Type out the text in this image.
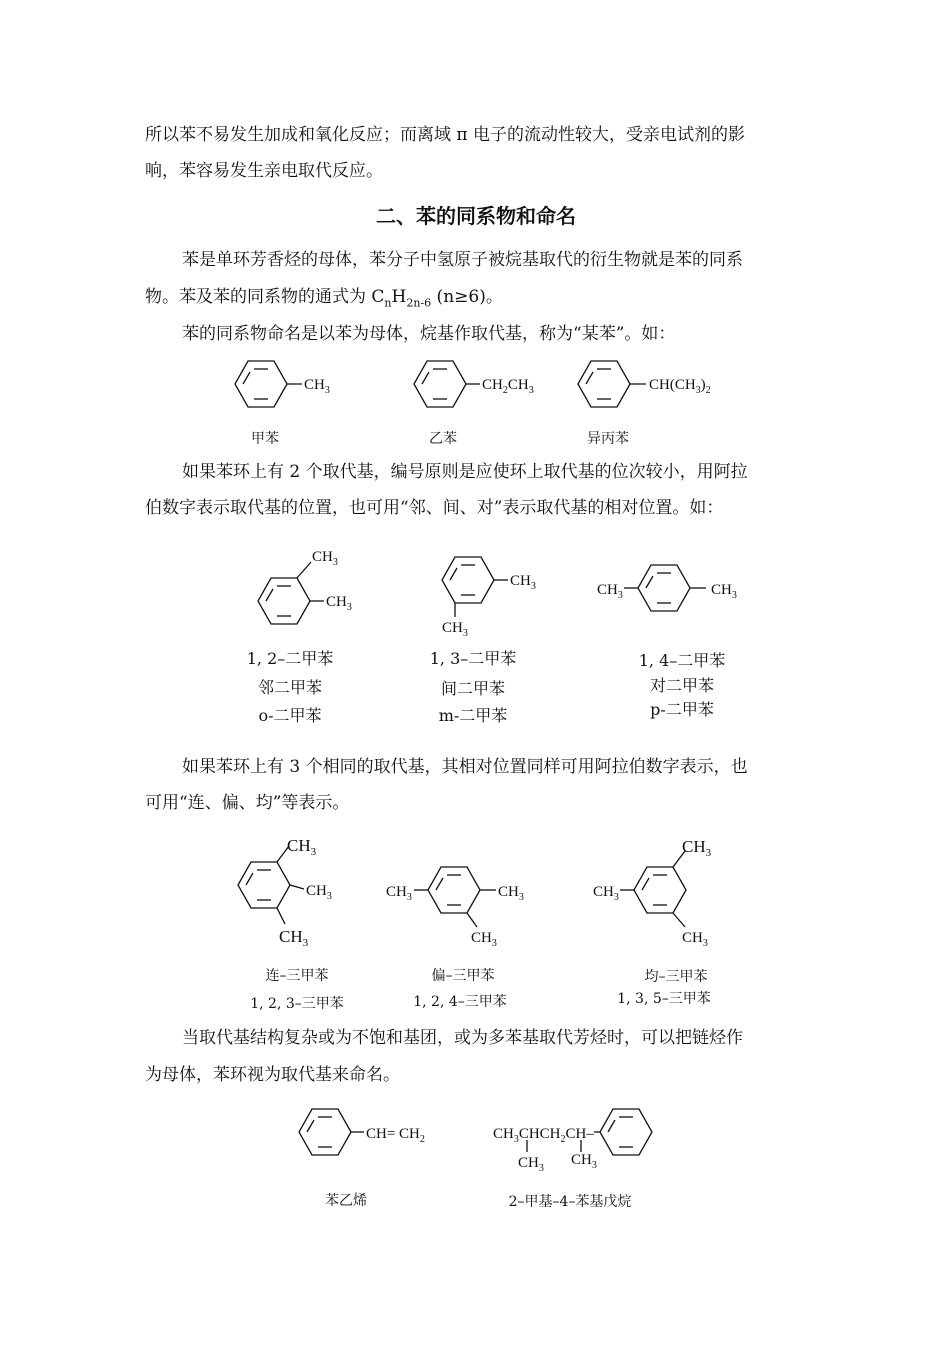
所以苯不易发生加成和氧化反应；而离域 π 电子的流动性较大，受亲电试剂的影
响，苯容易发生亲电取代反应。
二、苯的同系物和命名
苯是单环芳香烃的母体，苯分子中氢原子被烷基取代的衍生物就是苯的同系
物。苯及苯的同系物的通式为 $C_nH_{2n-6}$ (n≥6)。
苯的同系物命名是以苯为母体，烷基作取代基，称为“某苯”。如：
如果苯环上有 2 个取代基，编号原则是应使环上取代基的位次较小，用阿拉
伯数字表示取代基的位置，也可用“邻、间、对”表示取代基的相对位置。如：
如果苯环上有 3 个相同的取代基，其相对位置同样可用阿拉伯数字表示，也
可用“连、偏、均”等表示。
当取代基结构复杂或为不饱和基团，或为多苯基取代芳烃时，可以把链烃作
为母体，苯环视为取代基来命名。
$CH_3$	$CH_2CH_3$	$CH(CH_3)_2$
$CH_3$
$CH_3$
$CH_3$
$CH_3$
$CH_3$	$CH_3$
$CH_3$
$CH_3$
$CH_3$
$CH_3$	$CH_3$
$CH_3$
$CH_3$
$CH_3$
$CH_3$
$CH= CH_2$	$CH_3CHCH_2CH-$
$CH_3$
$CH_3$
甲苯	乙苯	异丙苯
1, 2–二甲苯
邻二甲苯
o-二甲苯
1, 3–二甲苯
间二甲苯
m-二甲苯
1, 4–二甲苯
对二甲苯
p-二甲苯
连–三甲苯
1, 2, 3–三甲苯
偏–三甲苯
1, 2, 4–三甲苯
均–三甲苯
1, 3, 5–三甲苯
苯乙烯	2–甲基–4–苯基戊烷
